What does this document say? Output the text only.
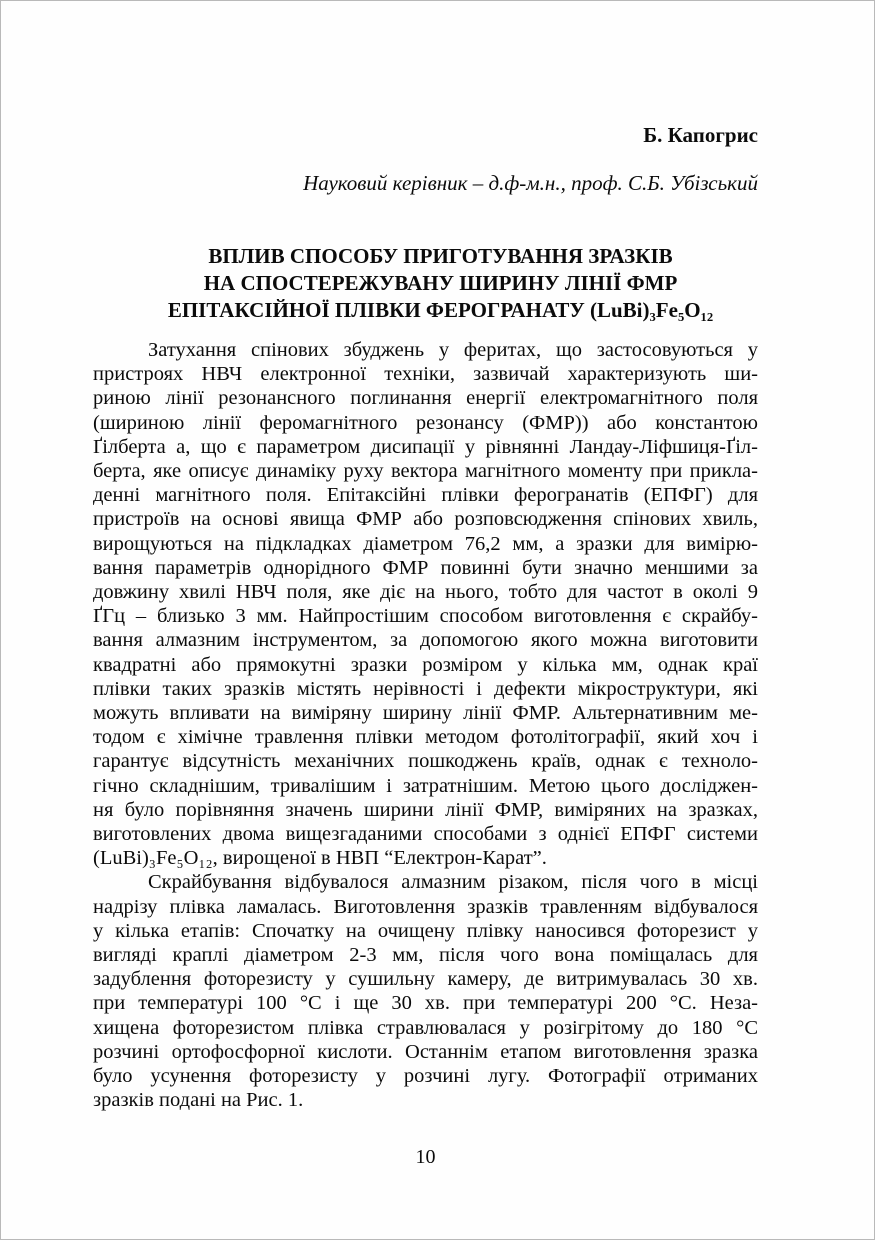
Б. Капогрис
Науковий керівник – д.ф-м.н., проф. С.Б. Убізський
ВПЛИВ СПОСОБУ ПРИГОТУВАННЯ ЗРАЗКІВ
НА СПОСТЕРЕЖУВАНУ ШИРИНУ ЛІНІЇ ФМР
ЕПІТАКСІЙНОЇ ПЛІВКИ ФЕРОГРАНАТУ (LuBi)₃Fe₅O₁₂
Затухання спінових збуджень у феритах, що застосовуються у
пристроях НВЧ електронної техніки, зазвичай характеризують ши-
риною лінії резонансного поглинання енергії електромагнітного поля
(шириною лінії феромагнітного резонансу (ФМР)) або константою
Ґілберта а, що є параметром дисипації у рівнянні Ландау-Ліфшиця-Ґіл-
берта, яке описує динаміку руху вектора магнітного моменту при прикла-
денні магнітного поля. Епітаксійні плівки ферогранатів (ЕПФГ) для
пристроїв на основі явища ФМР або розповсюдження спінових хвиль,
вирощуються на підкладках діаметром 76,2 мм, а зразки для вимірю-
вання параметрів однорідного ФМР повинні бути значно меншими за
довжину хвилі НВЧ поля, яке діє на нього, тобто для частот в околі 9
ҐГц – близько 3 мм. Найпростішим способом виготовлення є скрайбу-
вання алмазним інструментом, за допомогою якого можна виготовити
квадратні або прямокутні зразки розміром у кілька мм, однак краї
плівки таких зразків містять нерівності і дефекти мікроструктури, які
можуть впливати на виміряну ширину лінії ФМР. Альтернативним ме-
тодом є хімічне травлення плівки методом фотолітографії, який хоч і
гарантує відсутність механічних пошкоджень країв, однак є техноло-
гічно складнішим, тривалішим і затратнішим. Метою цього досліджен-
ня було порівняння значень ширини лінії ФМР, виміряних на зразках,
виготовлених двома вищезгаданими способами з однієї ЕПФГ системи
(LuBi)₃Fe₅O₁₂, вирощеної в НВП “Електрон-Карат”.
Скрайбування відбувалося алмазним різаком, після чого в місці
надрізу плівка ламалась. Виготовлення зразків травленням відбувалося
у кілька етапів: Спочатку на очищену плівку наносився фоторезист у
вигляді краплі діаметром 2-3 мм, після чого вона поміщалась для
задублення фоторезисту у сушильну камеру, де витримувалась 30 хв.
при температурі 100 °С і ще 30 хв. при температурі 200 °С. Неза-
хищена фоторезистом плівка стравлювалася у розігрітому до 180 °С
розчині ортофосфорної кислоти. Останнім етапом виготовлення зразка
було усунення фоторезисту у розчині лугу. Фотографії отриманих
зразків подані на Рис. 1.
10
